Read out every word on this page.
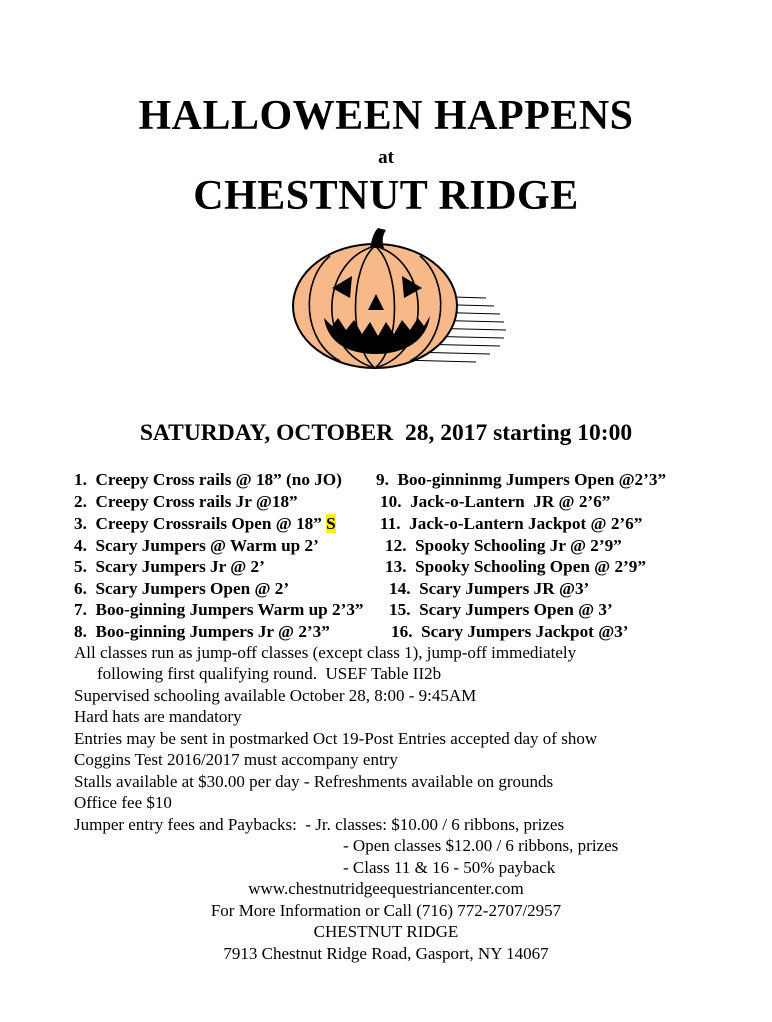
HALLOWEEN HAPPENS
at
CHESTNUT RIDGE
SATURDAY, OCTOBER  28, 2017 starting 10:00
1.  Creepy Cross rails @ 18” (no JO)
2.  Creepy Cross rails Jr @18”
3.  Creepy Crossrails Open @ 18” S
4.  Scary Jumpers @ Warm up 2’
5.  Scary Jumpers Jr @ 2’
6.  Scary Jumpers Open @ 2’
7.  Boo-ginning Jumpers Warm up 2’3”
8.  Boo-ginning Jumpers Jr @ 2’3”
9.  Boo-ginninmg Jumpers Open @2’3”
10.  Jack-o-Lantern  JR @ 2’6”
11.  Jack-o-Lantern Jackpot @ 2’6”
12.  Spooky Schooling Jr @ 2’9”
13.  Spooky Schooling Open @ 2’9”
14.  Scary Jumpers JR @3’
15.  Scary Jumpers Open @ 3’
16.  Scary Jumpers Jackpot @3’
All classes run as jump-off classes (except class 1), jump-off immediately
following first qualifying round.  USEF Table II2b
Supervised schooling available October 28, 8:00 - 9:45AM
Hard hats are mandatory
Entries may be sent in postmarked Oct 19-Post Entries accepted day of show
Coggins Test 2016/2017 must accompany entry
Stalls available at $30.00 per day - Refreshments available on grounds
Office fee $10
Jumper entry fees and Paybacks:  - Jr. classes: $10.00 / 6 ribbons, prizes
- Open classes $12.00 / 6 ribbons, prizes
- Class 11 & 16 - 50% payback
www.chestnutridgeequestriancenter.com
For More Information or Call (716) 772-2707/2957
CHESTNUT RIDGE
7913 Chestnut Ridge Road, Gasport, NY 14067
